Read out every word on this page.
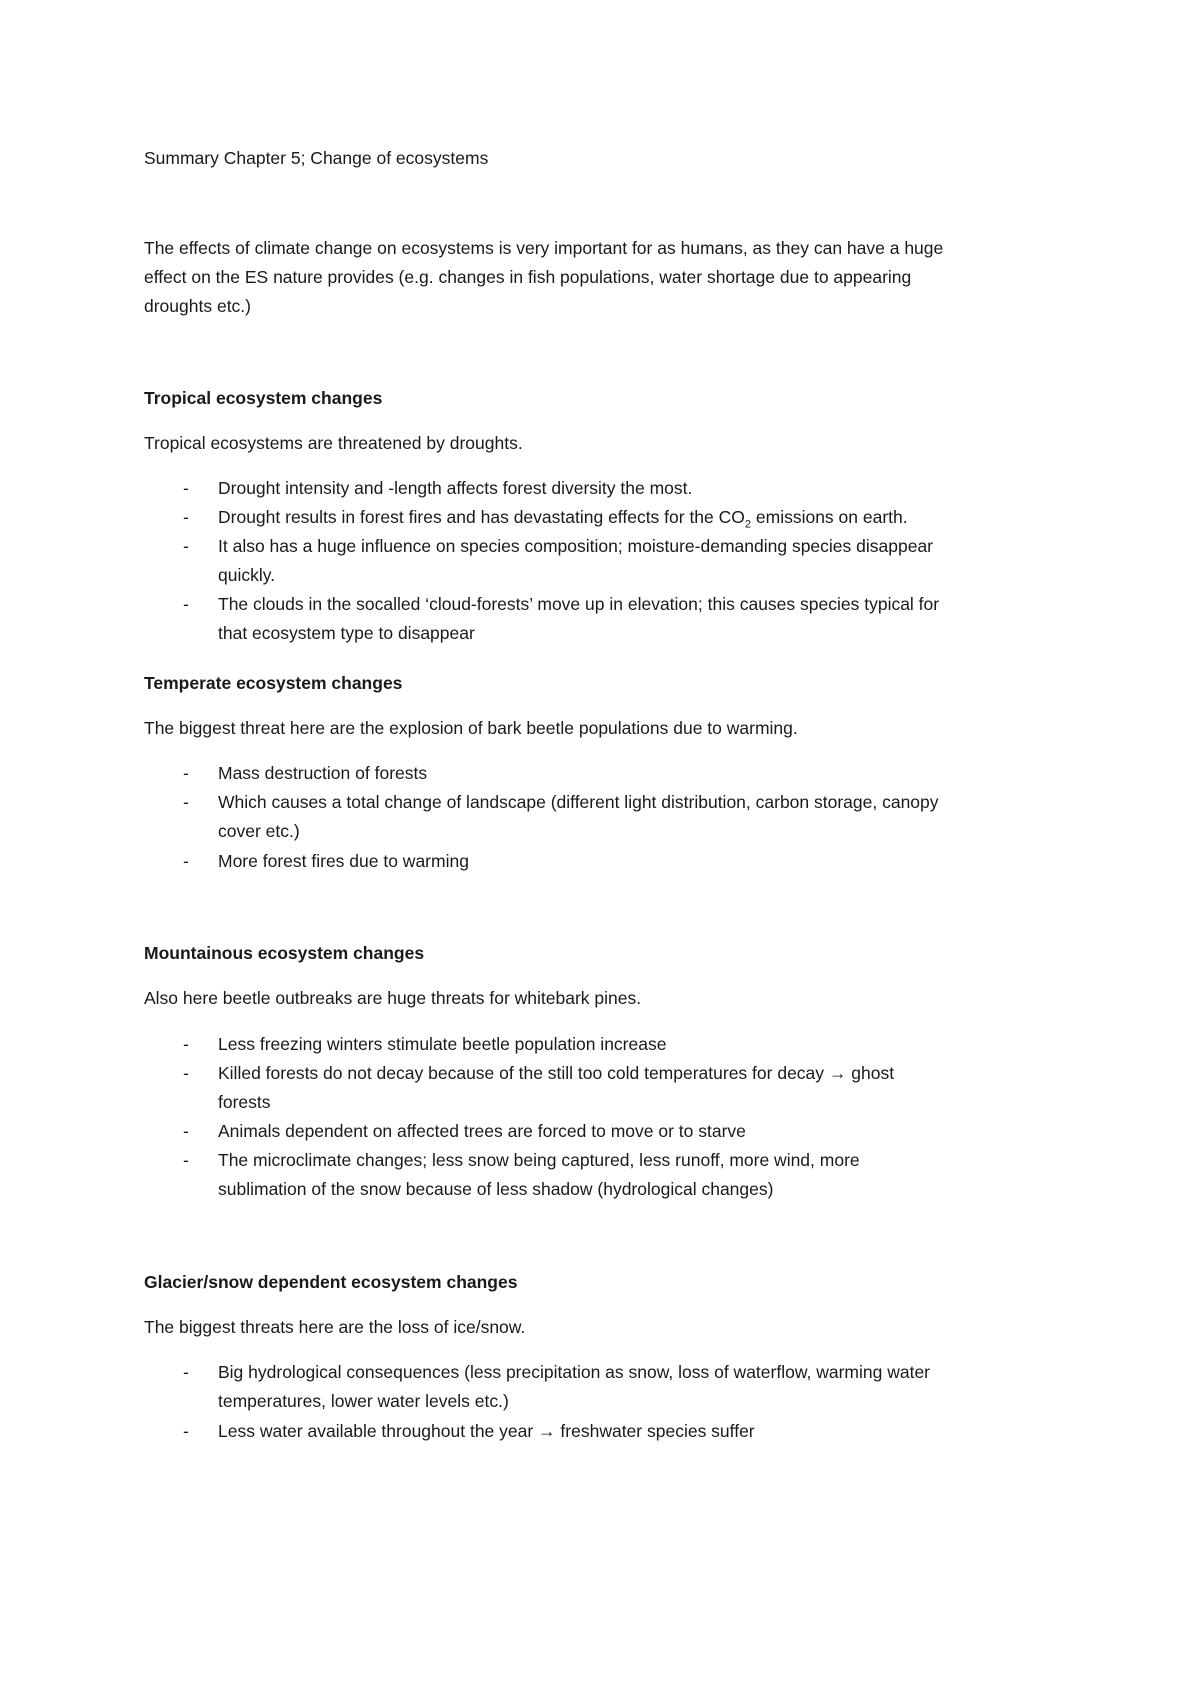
Summary Chapter 5; Change of ecosystems
The effects of climate change on ecosystems is very important for as humans, as they can have a huge
effect on the ES nature provides (e.g. changes in fish populations, water shortage due to appearing
droughts etc.)
Tropical ecosystem changes
Tropical ecosystems are threatened by droughts.
- Drought intensity and -length affects forest diversity the most.
- Drought results in forest fires and has devastating effects for the $CO_2$ emissions on earth.
- It also has a huge influence on species composition; moisture-demanding species disappear
quickly.
- The clouds in the socalled ‘cloud-forests’ move up in elevation; this causes species typical for
that ecosystem type to disappear
Temperate ecosystem changes
The biggest threat here are the explosion of bark beetle populations due to warming.
- Mass destruction of forests
- Which causes a total change of landscape (different light distribution, carbon storage, canopy
cover etc.)
- More forest fires due to warming
Mountainous ecosystem changes
Also here beetle outbreaks are huge threats for whitebark pines.
- Less freezing winters stimulate beetle population increase
- Killed forests do not decay because of the still too cold temperatures for decay → ghost
forests
- Animals dependent on affected trees are forced to move or to starve
- The microclimate changes; less snow being captured, less runoff, more wind, more
sublimation of the snow because of less shadow (hydrological changes)
Glacier/snow dependent ecosystem changes
The biggest threats here are the loss of ice/snow.
- Big hydrological consequences (less precipitation as snow, loss of waterflow, warming water
temperatures, lower water levels etc.)
- Less water available throughout the year → freshwater species suffer
